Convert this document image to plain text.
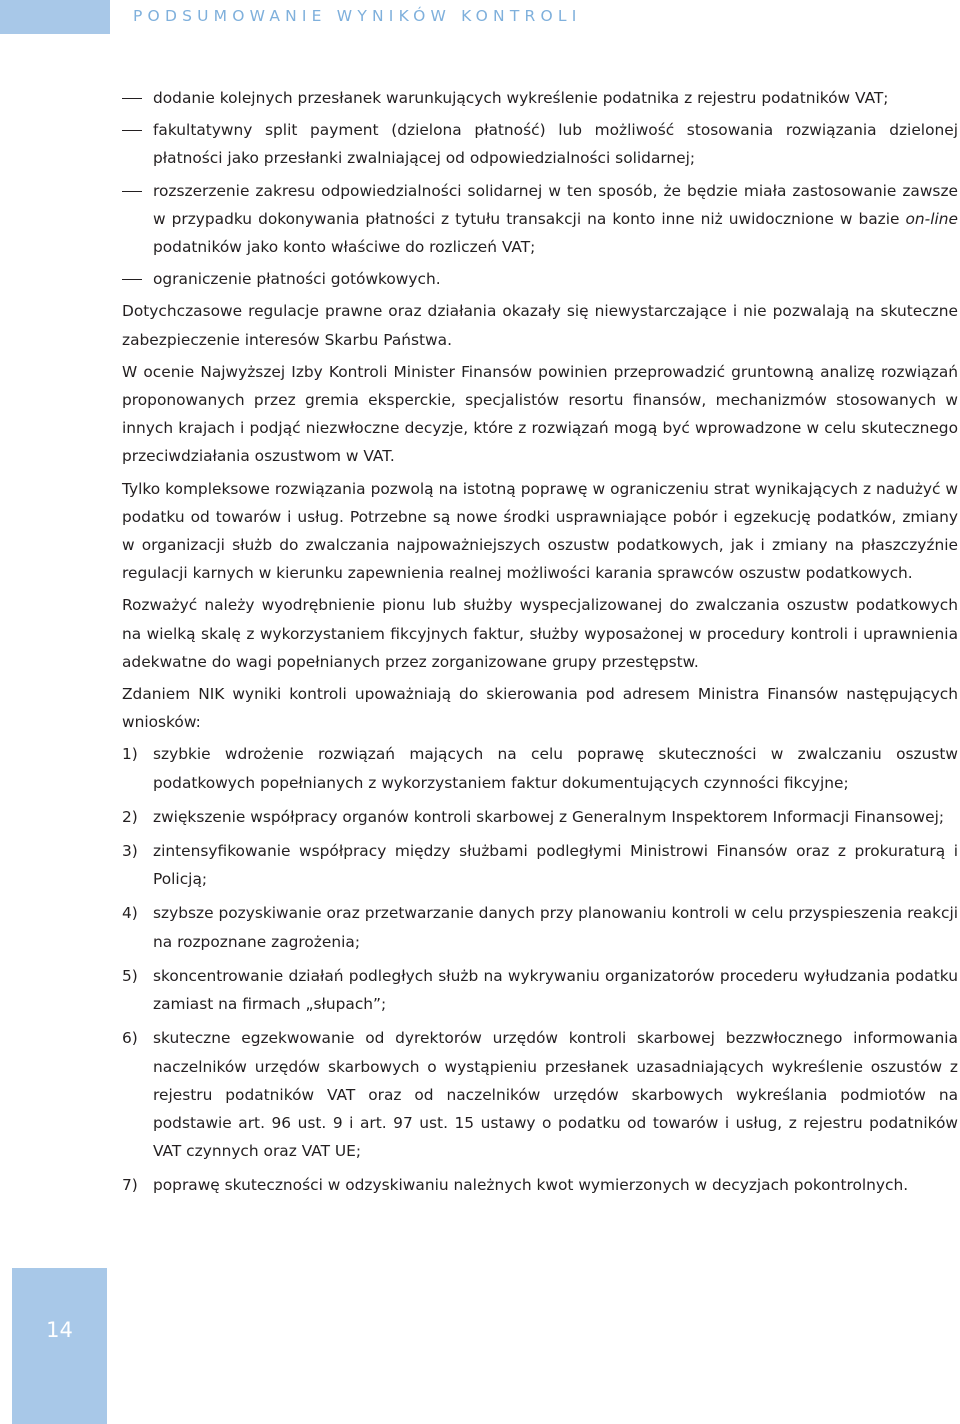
PODSUMOWANIE WYNIKÓW KONTROLI
14
dodanie kolejnych przesłanek warunkujących wykreślenie podatnika z rejestru podatników VAT;
fakultatywny split payment (dzielona płatność) lub możliwość stosowania rozwiązania dzielonej płatności jako przesłanki zwalniającej od odpowiedzialności solidarnej;
rozszerzenie zakresu odpowiedzialności solidarnej w ten sposób, że będzie miała zastosowanie zawsze w przypadku dokonywania płatności z tytułu transakcji na konto inne niż uwidocznione w bazie on-line podatników jako konto właściwe do rozliczeń VAT;
ograniczenie płatności gotówkowych.

Dotychczasowe regulacje prawne oraz działania okazały się niewystarczające i nie pozwalają na skuteczne zabezpieczenie interesów Skarbu Państwa.

W ocenie Najwyższej Izby Kontroli Minister Finansów powinien przeprowadzić gruntowną analizę rozwiązań proponowanych przez gremia eksperckie, specjalistów resortu finansów, mechanizmów stosowanych w innych krajach i podjąć niezwłoczne decyzje, które z rozwiązań mogą być wprowadzone w celu skutecznego przeciwdziałania oszustwom w VAT.

Tylko kompleksowe rozwiązania pozwolą na istotną poprawę w ograniczeniu strat wynikających z nadużyć w podatku od towarów i usług. Potrzebne są nowe środki usprawniające pobór i egzekucję podatków, zmiany w organizacji służb do zwalczania najpoważniejszych oszustw podatkowych, jak i zmiany na płaszczyźnie regulacji karnych w kierunku zapewnienia realnej możliwości karania sprawców oszustw podatkowych.

Rozważyć należy wyodrębnienie pionu lub służby wyspecjalizowanej do zwalczania oszustw podatkowych na wielką skalę z wykorzystaniem fikcyjnych faktur, służby wyposażonej w procedury kontroli i uprawnienia adekwatne do wagi popełnianych przez zorganizowane grupy przestępstw.

Zdaniem NIK wyniki kontroli upoważniają do skierowania pod adresem Ministra Finansów następujących wniosków:

1) szybkie wdrożenie rozwiązań mających na celu poprawę skuteczności w zwalczaniu oszustw podatkowych popełnianych z wykorzystaniem faktur dokumentujących czynności fikcyjne;
2) zwiększenie współpracy organów kontroli skarbowej z Generalnym Inspektorem Informacji Finansowej;
3) zintensyfikowanie współpracy między służbami podległymi Ministrowi Finansów oraz z prokuraturą i Policją;
4) szybsze pozyskiwanie oraz przetwarzanie danych przy planowaniu kontroli w celu przyspieszenia reakcji na rozpoznane zagrożenia;
5) skoncentrowanie działań podległych służb na wykrywaniu organizatorów procederu wyłudzania podatku zamiast na firmach „słupach”;
6) skuteczne egzekwowanie od dyrektorów urzędów kontroli skarbowej bezzwłocznego informowania naczelników urzędów skarbowych o wystąpieniu przesłanek uzasadniających wykreślenie oszustów z rejestru podatników VAT oraz od naczelników urzędów skarbowych wykreślania podmiotów na podstawie art. 96 ust. 9 i art. 97 ust. 15 ustawy o podatku od towarów i usług, z rejestru podatników VAT czynnych oraz VAT UE;
7) poprawę skuteczności w odzyskiwaniu należnych kwot wymierzonych w decyzjach pokontrolnych.
